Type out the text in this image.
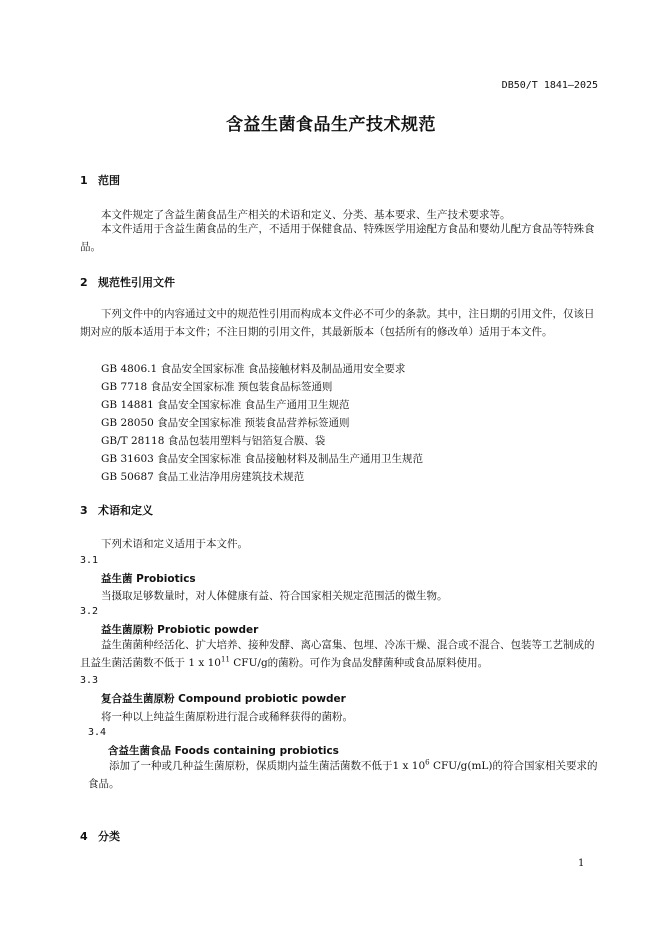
DB50/T 1841—2025
含益生菌食品生产技术规范
1 范围
本文件规定了含益生菌食品生产相关的术语和定义、分类、基本要求、生产技术要求等。
本文件适用于含益生菌食品的生产，不适用于保健食品、特殊医学用途配方食品和婴幼儿配方食品等特殊食品。
2 规范性引用文件
下列文件中的内容通过文中的规范性引用而构成本文件必不可少的条款。其中，注日期的引用文件，仅该日期对应的版本适用于本文件；不注日期的引用文件，其最新版本（包括所有的修改单）适用于本文件。
GB 4806.1 食品安全国家标准 食品接触材料及制品通用安全要求
GB 7718 食品安全国家标准 预包装食品标签通则
GB 14881 食品安全国家标准 食品生产通用卫生规范
GB 28050 食品安全国家标准 预装食品营养标签通则
GB/T 28118 食品包装用塑料与铝箔复合膜、袋
GB 31603 食品安全国家标准 食品接触材料及制品生产通用卫生规范
GB 50687 食品工业洁净用房建筑技术规范
3 术语和定义
下列术语和定义适用于本文件。
3.1
益生菌 Probiotics
当摄取足够数量时，对人体健康有益、符合国家相关规定范围活的微生物。
3.2
益生菌原粉 Probiotic powder
益生菌菌种经活化、扩大培养、接种发酵、离心富集、包埋、冷冻干燥、混合或不混合、包装等工艺制成的且益生菌活菌数不低于 1 x $10^{11}$ CFU/g的菌粉。可作为食品发酵菌种或食品原料使用。
3.3
复合益生菌原粉 Compound probiotic powder
将一种以上纯益生菌原粉进行混合或稀释获得的菌粉。
3.4
含益生菌食品 Foods containing probiotics
添加了一种或几种益生菌原粉，保质期内益生菌活菌数不低于1 x $10^6$ CFU/g(mL)的符合国家相关要求的食品。
4 分类
1
